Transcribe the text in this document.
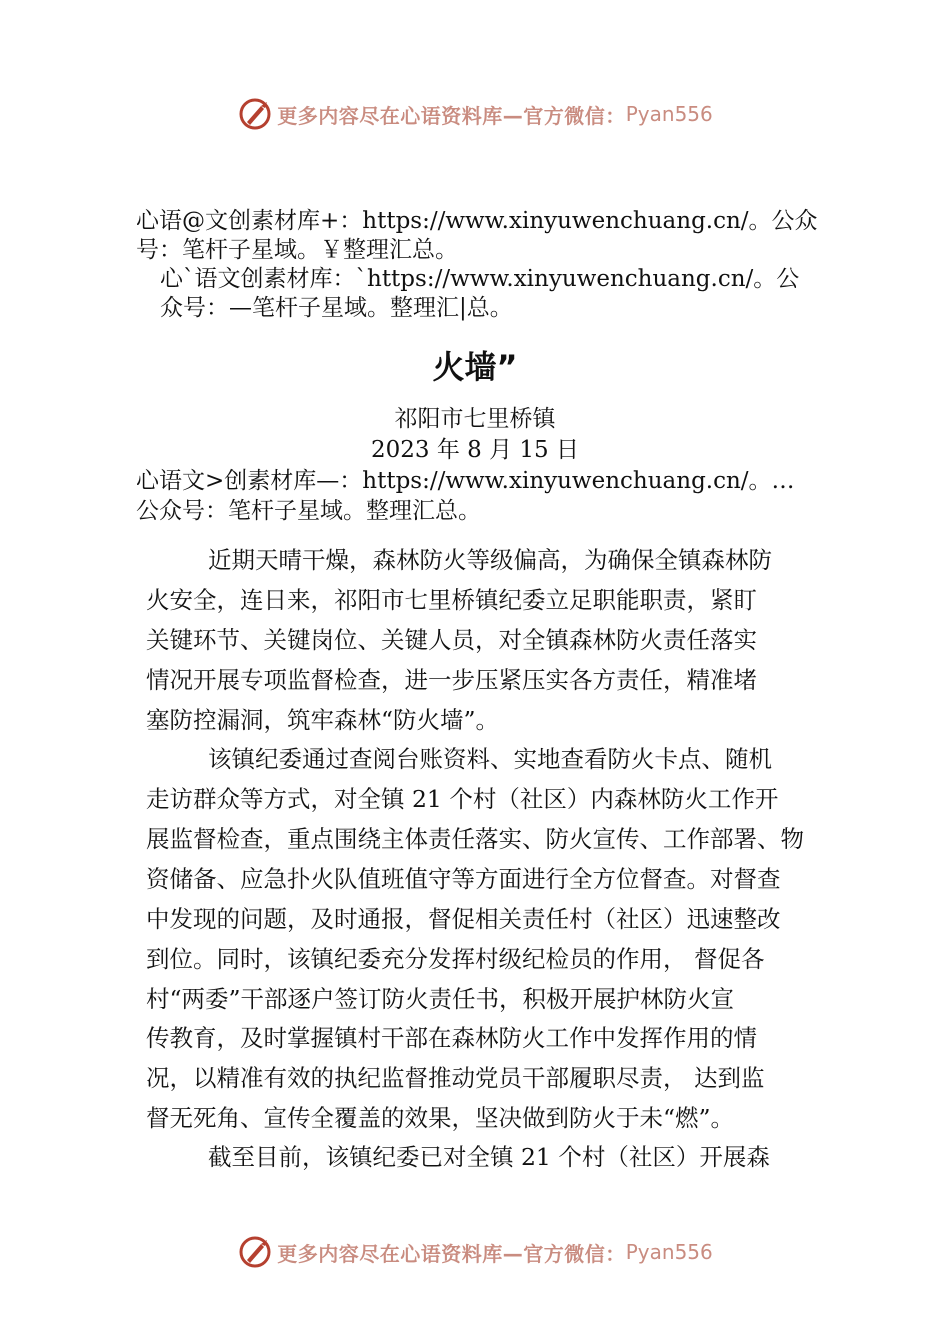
更多内容尽在心语资料库—官方微信： Pyan556
心语@文创素材库+：https://www.xinyuwenchuang.cn/。公众
号：笔杆子星域。￥整理汇总。
心`语文创素材库：`https://www.xinyuwenchuang.cn/。公
众号：—笔杆子星域。整理汇|总。
火墙”
祁阳市七里桥镇
2023 年 8 月 15 日
心语文>创素材库—：https://www.xinyuwenchuang.cn/。…
公众号：笔杆子星域。整理汇总。
近期天晴干燥，森林防火等级偏高，为确保全镇森林防
火安全，连日来，祁阳市七里桥镇纪委立足职能职责，紧盯
关键环节、关键岗位、关键人员，对全镇森林防火责任落实
情况开展专项监督检查，进一步压紧压实各方责任，精准堵
塞防控漏洞，筑牢森林“防火墙”。
该镇纪委通过查阅台账资料、实地查看防火卡点、随机
走访群众等方式，对全镇 21 个村（社区）内森林防火工作开
展监督检查，重点围绕主体责任落实、防火宣传、工作部署、物
资储备、应急扑火队值班值守等方面进行全方位督查。对督查
中发现的问题，及时通报，督促相关责任村（社区）迅速整改
到位。同时，该镇纪委充分发挥村级纪检员的作用， 督促各
村“两委”干部逐户签订防火责任书，积极开展护林防火宣
传教育，及时掌握镇村干部在森林防火工作中发挥作用的情
况，以精准有效的执纪监督推动党员干部履职尽责， 达到监
督无死角、宣传全覆盖的效果，坚决做到防火于未“燃”。
截至目前，该镇纪委已对全镇 21 个村（社区）开展森
更多内容尽在心语资料库—官方微信： Pyan556
